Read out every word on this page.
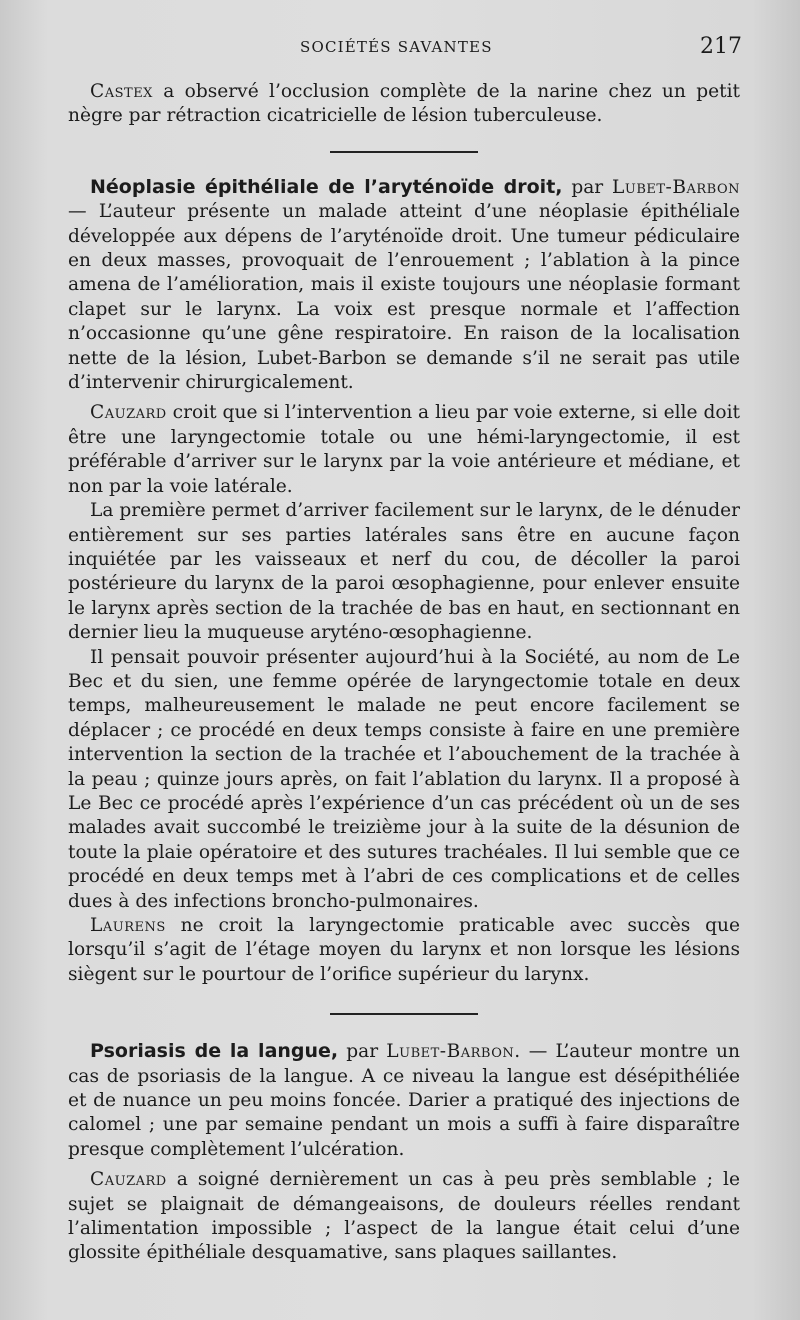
SOCIÉTÉS SAVANTES	217

Castex a observé l’occlusion complète de la narine chez un petit nègre par rétraction cicatricielle de lésion tuberculeuse.

Néoplasie épithéliale de l’aryténoïde droit, par Lubet-Barbon — L’auteur présente un malade atteint d’une néoplasie épithéliale développée aux dépens de l’aryténoïde droit. Une tumeur pédiculaire en deux masses, provoquait de l’enrouement ; l’ablation à la pince amena de l’amélioration, mais il existe toujours une néoplasie formant clapet sur le larynx. La voix est presque normale et l’affection n’occasionne qu’une gêne respiratoire. En raison de la localisation nette de la lésion, Lubet-Barbon se demande s’il ne serait pas utile d’intervenir chirurgicalement.

Cauzard croit que si l’intervention a lieu par voie externe, si elle doit être une laryngectomie totale ou une hémi-laryngectomie, il est préférable d’arriver sur le larynx par la voie antérieure et médiane, et non par la voie latérale.

La première permet d’arriver facilement sur le larynx, de le dénuder entièrement sur ses parties latérales sans être en aucune façon inquiétée par les vaisseaux et nerf du cou, de décoller la paroi postérieure du larynx de la paroi œsophagienne, pour enlever ensuite le larynx après section de la trachée de bas en haut, en sectionnant en dernier lieu la muqueuse aryténo-œsophagienne.

Il pensait pouvoir présenter aujourd’hui à la Société, au nom de Le Bec et du sien, une femme opérée de laryngectomie totale en deux temps, malheureusement le malade ne peut encore facilement se déplacer ; ce procédé en deux temps consiste à faire en une première intervention la section de la trachée et l’abouchement de la trachée à la peau ; quinze jours après, on fait l’ablation du larynx. Il a proposé à Le Bec ce procédé après l’expérience d’un cas précédent où un de ses malades avait succombé le treizième jour à la suite de la désunion de toute la plaie opératoire et des sutures trachéales. Il lui semble que ce procédé en deux temps met à l’abri de ces complications et de celles dues à des infections broncho-pulmonaires.

Laurens ne croit la laryngectomie praticable avec succès que lorsqu’il s’agit de l’étage moyen du larynx et non lorsque les lésions siègent sur le pourtour de l’orifice supérieur du larynx.

Psoriasis de la langue, par Lubet-Barbon. — L’auteur montre un cas de psoriasis de la langue. A ce niveau la langue est désépithéliée et de nuance un peu moins foncée. Darier a pratiqué des injections de calomel ; une par semaine pendant un mois a suffi à faire disparaître presque complètement l’ulcération.

Cauzard a soigné dernièrement un cas à peu près semblable ; le sujet se plaignait de démangeaisons, de douleurs réelles rendant l’alimentation impossible ; l’aspect de la langue était celui d’une glossite épithéliale desquamative, sans plaques saillantes.
